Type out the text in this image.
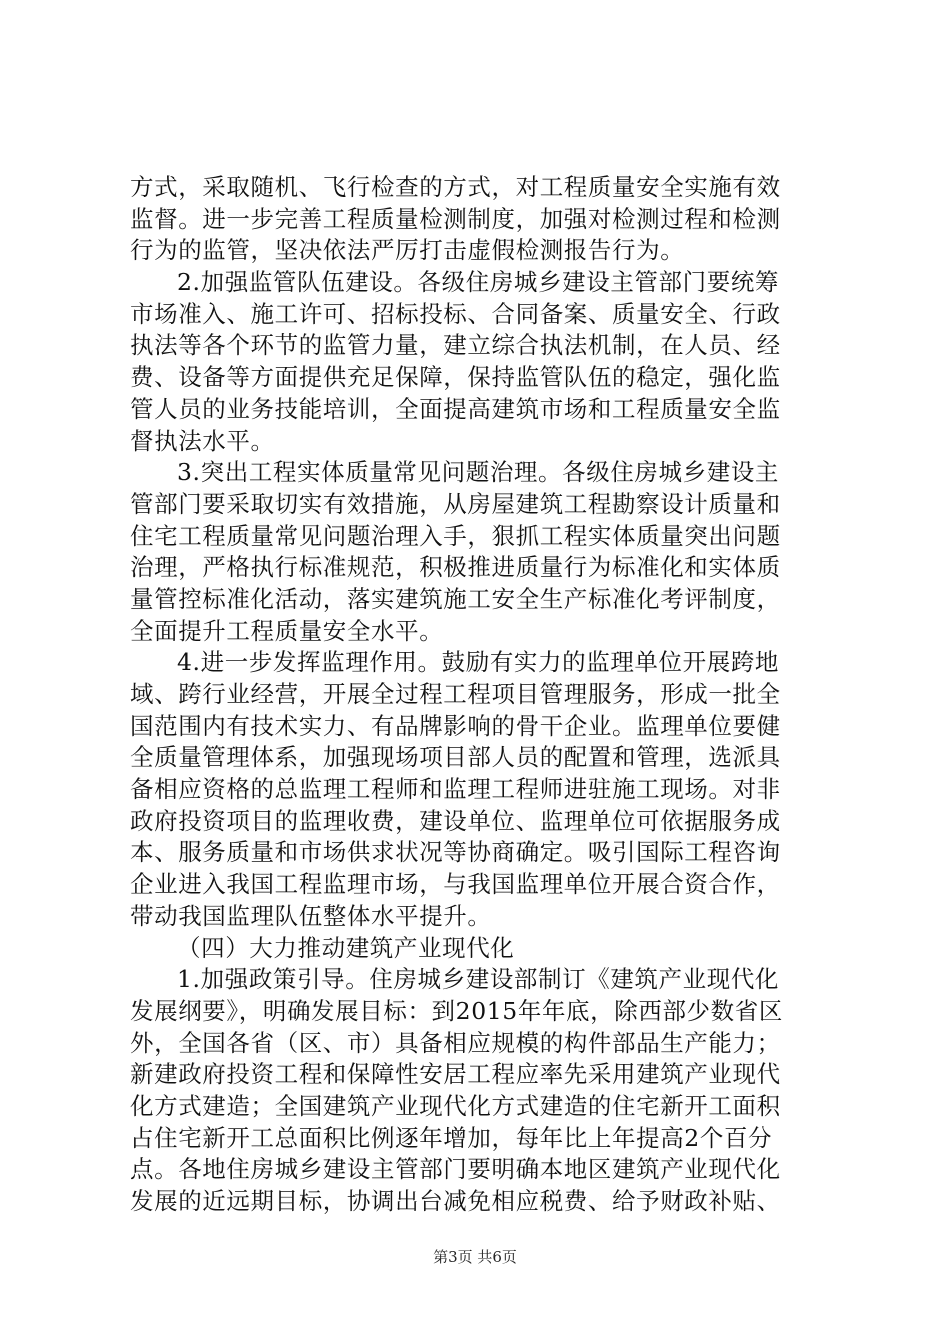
方式，采取随机、飞行检查的方式，对工程质量安全实施有效
监督。进一步完善工程质量检测制度，加强对检测过程和检测
行为的监管，坚决依法严厉打击虚假检测报告行为。
2.加强监管队伍建设。各级住房城乡建设主管部门要统筹
市场准入、施工许可、招标投标、合同备案、质量安全、行政
执法等各个环节的监管力量，建立综合执法机制，在人员、经
费、设备等方面提供充足保障，保持监管队伍的稳定，强化监
管人员的业务技能培训，全面提高建筑市场和工程质量安全监
督执法水平。
3.突出工程实体质量常见问题治理。各级住房城乡建设主
管部门要采取切实有效措施，从房屋建筑工程勘察设计质量和
住宅工程质量常见问题治理入手，狠抓工程实体质量突出问题
治理，严格执行标准规范，积极推进质量行为标准化和实体质
量管控标准化活动，落实建筑施工安全生产标准化考评制度，
全面提升工程质量安全水平。
4.进一步发挥监理作用。鼓励有实力的监理单位开展跨地
域、跨行业经营，开展全过程工程项目管理服务，形成一批全
国范围内有技术实力、有品牌影响的骨干企业。监理单位要健
全质量管理体系，加强现场项目部人员的配置和管理，选派具
备相应资格的总监理工程师和监理工程师进驻施工现场。对非
政府投资项目的监理收费，建设单位、监理单位可依据服务成
本、服务质量和市场供求状况等协商确定。吸引国际工程咨询
企业进入我国工程监理市场，与我国监理单位开展合资合作，
带动我国监理队伍整体水平提升。
（四）大力推动建筑产业现代化
1.加强政策引导。住房城乡建设部制订《建筑产业现代化
发展纲要》，明确发展目标：到2015年年底，除西部少数省区
外，全国各省（区、市）具备相应规模的构件部品生产能力；
新建政府投资工程和保障性安居工程应率先采用建筑产业现代
化方式建造；全国建筑产业现代化方式建造的住宅新开工面积
占住宅新开工总面积比例逐年增加，每年比上年提高2个百分
点。各地住房城乡建设主管部门要明确本地区建筑产业现代化
发展的近远期目标，协调出台减免相应税费、给予财政补贴、
第3页 共6页
